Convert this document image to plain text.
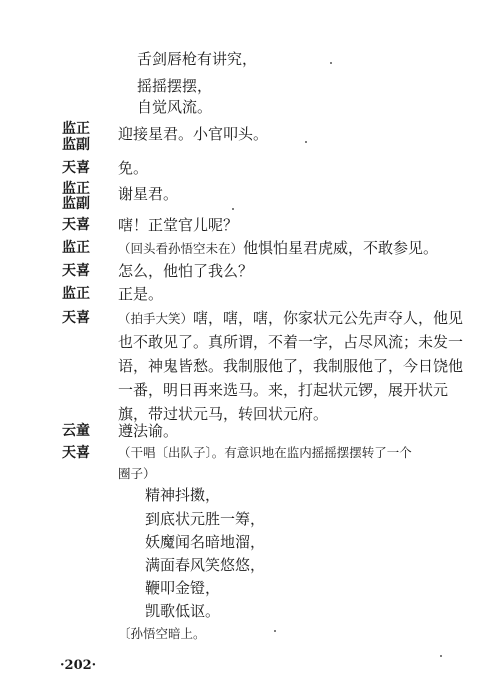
舌剑唇枪有讲究，
摇摇摆摆，
自觉风流。
监正
监副
迎接星君。小官叩头。
天喜 免。
监正
监副
谢星君。
天喜 嗐！正堂官儿呢？
监正 （回头看孙悟空未在）他惧怕星君虎威，不敢参见。
天喜 怎么，他怕了我么？
监正 正是。
天喜 （拍手大笑）嗐，嗐，嗐，你家状元公先声夺人，他见
也不敢见了。真所谓，不着一字，占尽风流；未发一
语，神鬼皆愁。我制服他了，我制服他了，今日饶他
一番，明日再来选马。来，打起状元锣，展开状元
旗，带过状元马，转回状元府。
云童 遵法谕。
天喜 （干唱〔出队子〕。有意识地在监内摇摇摆摆转了一个
圈子）
精神抖擞，
到底状元胜一筹，
妖魔闻名暗地溜，
满面春风笑悠悠，
鞭叩金镫，
凯歌低讴。
〔孙悟空暗上。
·202·
